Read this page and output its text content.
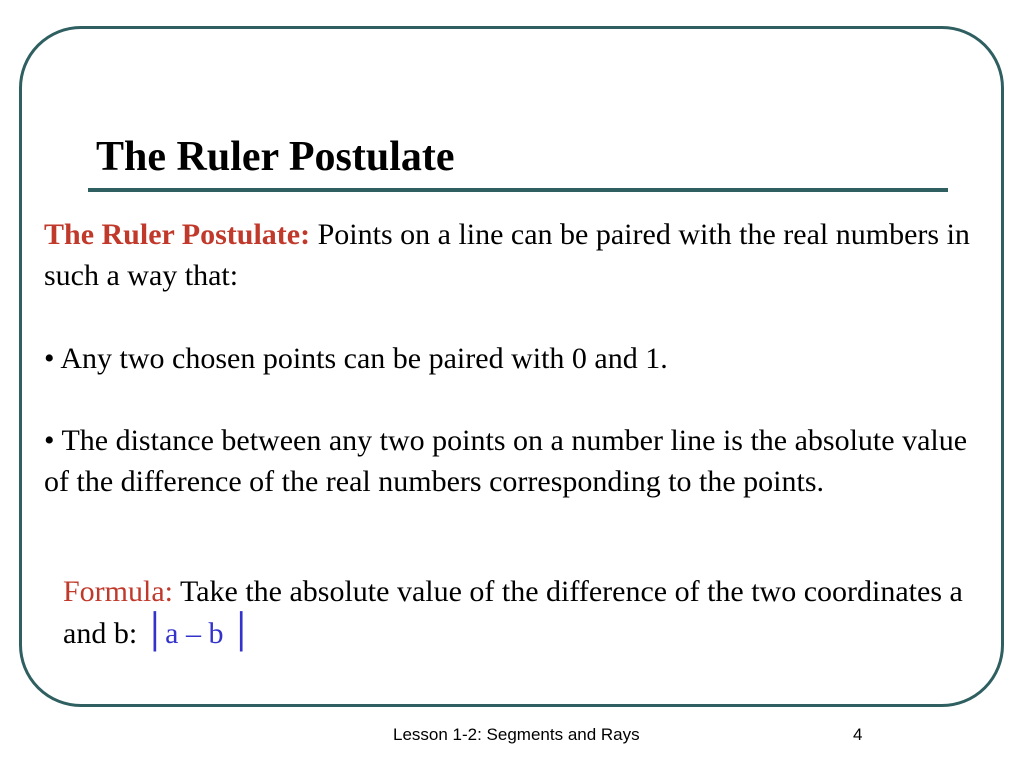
The Ruler Postulate

The Ruler Postulate: Points on a line can be paired with the real numbers in such a way that:

• Any two chosen points can be paired with 0 and 1.

• The distance between any two points on a number line is the absolute value of the difference of the real numbers corresponding to the points.

Formula: Take the absolute value of the difference of the two coordinates a and b: │a – b │

Lesson 1-2: Segments and Rays	4
